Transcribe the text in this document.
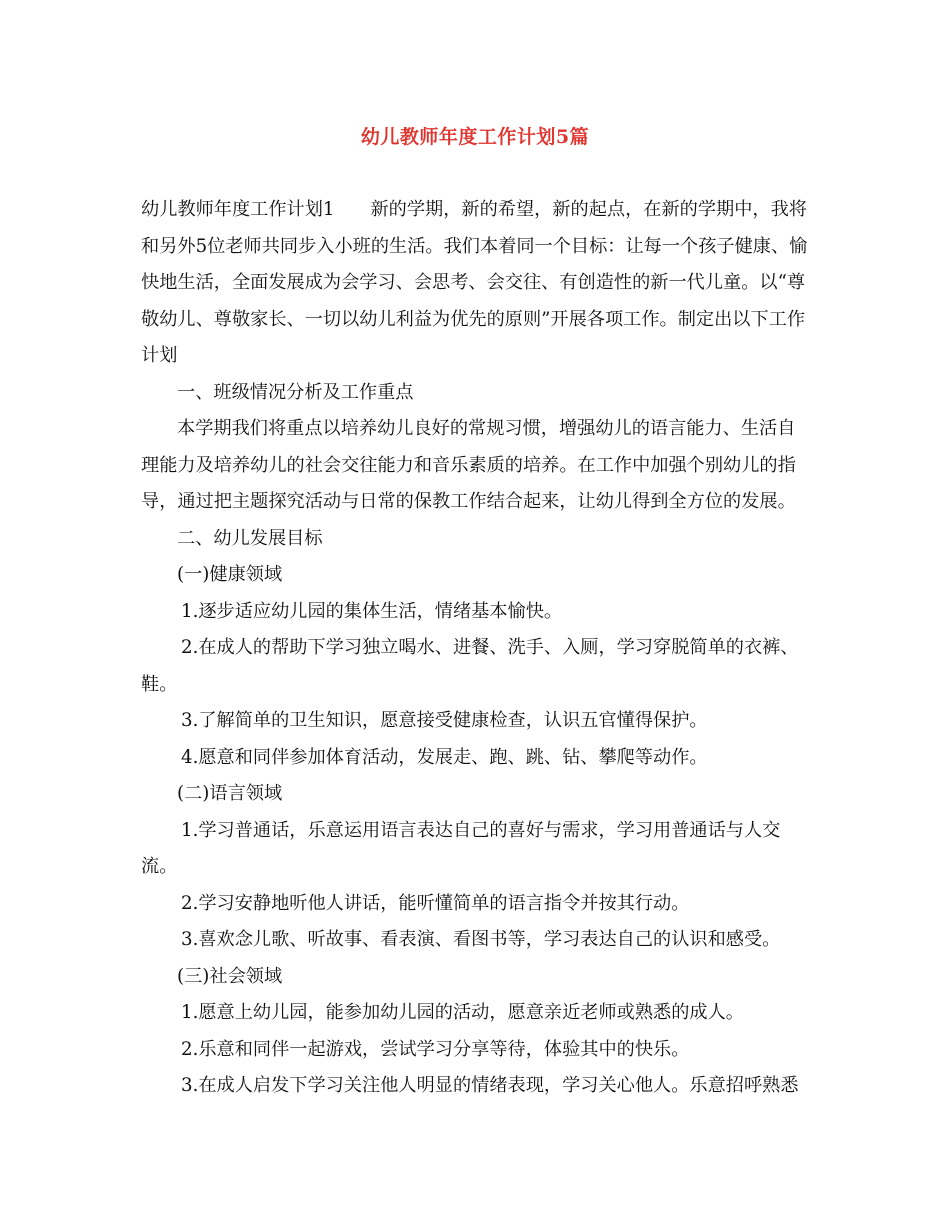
幼儿教师年度工作计划5篇

幼儿教师年度工作计划1 新的学期，新的希望，新的起点，在新的学期中，我将和另外5位老师共同步入小班的生活。我们本着同一个目标：让每一个孩子健康、愉快地生活，全面发展成为会学习、会思考、会交往、有创造性的新一代儿童。以“尊敬幼儿、尊敬家长、一切以幼儿利益为优先的原则”开展各项工作。制定出以下工作计划

一、班级情况分析及工作重点

本学期我们将重点以培养幼儿良好的常规习惯，增强幼儿的语言能力、生活自理能力及培养幼儿的社会交往能力和音乐素质的培养。在工作中加强个别幼儿的指导，通过把主题探究活动与日常的保教工作结合起来，让幼儿得到全方位的发展。

二、幼儿发展目标

(一)健康领域

1.逐步适应幼儿园的集体生活，情绪基本愉快。

2.在成人的帮助下学习独立喝水、进餐、洗手、入厕，学习穿脱简单的衣裤、鞋。

3.了解简单的卫生知识，愿意接受健康检查，认识五官懂得保护。

4.愿意和同伴参加体育活动，发展走、跑、跳、钻、攀爬等动作。

(二)语言领域

1.学习普通话，乐意运用语言表达自己的喜好与需求，学习用普通话与人交流。

2.学习安静地听他人讲话，能听懂简单的语言指令并按其行动。

3.喜欢念儿歌、听故事、看表演、看图书等，学习表达自己的认识和感受。

(三)社会领域

1.愿意上幼儿园，能参加幼儿园的活动，愿意亲近老师或熟悉的成人。

2.乐意和同伴一起游戏，尝试学习分享等待，体验其中的快乐。

3.在成人启发下学习关注他人明显的情绪表现，学习关心他人。乐意招呼熟悉
